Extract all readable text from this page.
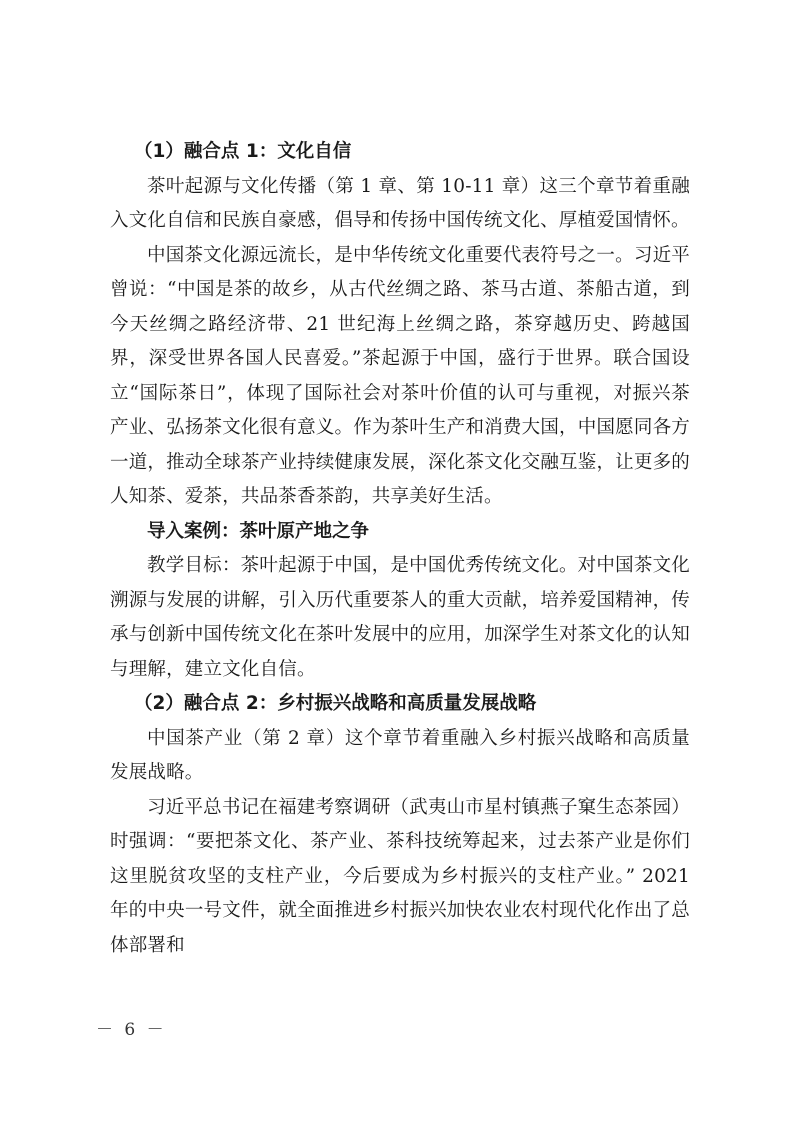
（1）融合点 1：文化自信

茶叶起源与文化传播（第 1 章、第 10-11 章）这三个章节着重融入文化自信和民族自豪感，倡导和传扬中国传统文化、厚植爱国情怀。

中国茶文化源远流长，是中华传统文化重要代表符号之一。习近平曾说：“中国是茶的故乡，从古代丝绸之路、茶马古道、茶船古道，到今天丝绸之路经济带、21 世纪海上丝绸之路，茶穿越历史、跨越国界，深受世界各国人民喜爱。”茶起源于中国，盛行于世界。联合国设立“国际茶日”，体现了国际社会对茶叶价值的认可与重视，对振兴茶产业、弘扬茶文化很有意义。作为茶叶生产和消费大国，中国愿同各方一道，推动全球茶产业持续健康发展，深化茶文化交融互鉴，让更多的人知茶、爱茶，共品茶香茶韵，共享美好生活。

导入案例：茶叶原产地之争

教学目标：茶叶起源于中国，是中国优秀传统文化。对中国茶文化溯源与发展的讲解，引入历代重要茶人的重大贡献，培养爱国精神，传承与创新中国传统文化在茶叶发展中的应用，加深学生对茶文化的认知与理解，建立文化自信。

（2）融合点 2：乡村振兴战略和高质量发展战略

中国茶产业（第 2 章）这个章节着重融入乡村振兴战略和高质量发展战略。

习近平总书记在福建考察调研（武夷山市星村镇燕子窠生态茶园）时强调：“要把茶文化、茶产业、茶科技统筹起来，过去茶产业是你们这里脱贫攻坚的支柱产业，今后要成为乡村振兴的支柱产业。” 2021 年的中央一号文件，就全面推进乡村振兴加快农业农村现代化作出了总体部署和

－ 6 －
